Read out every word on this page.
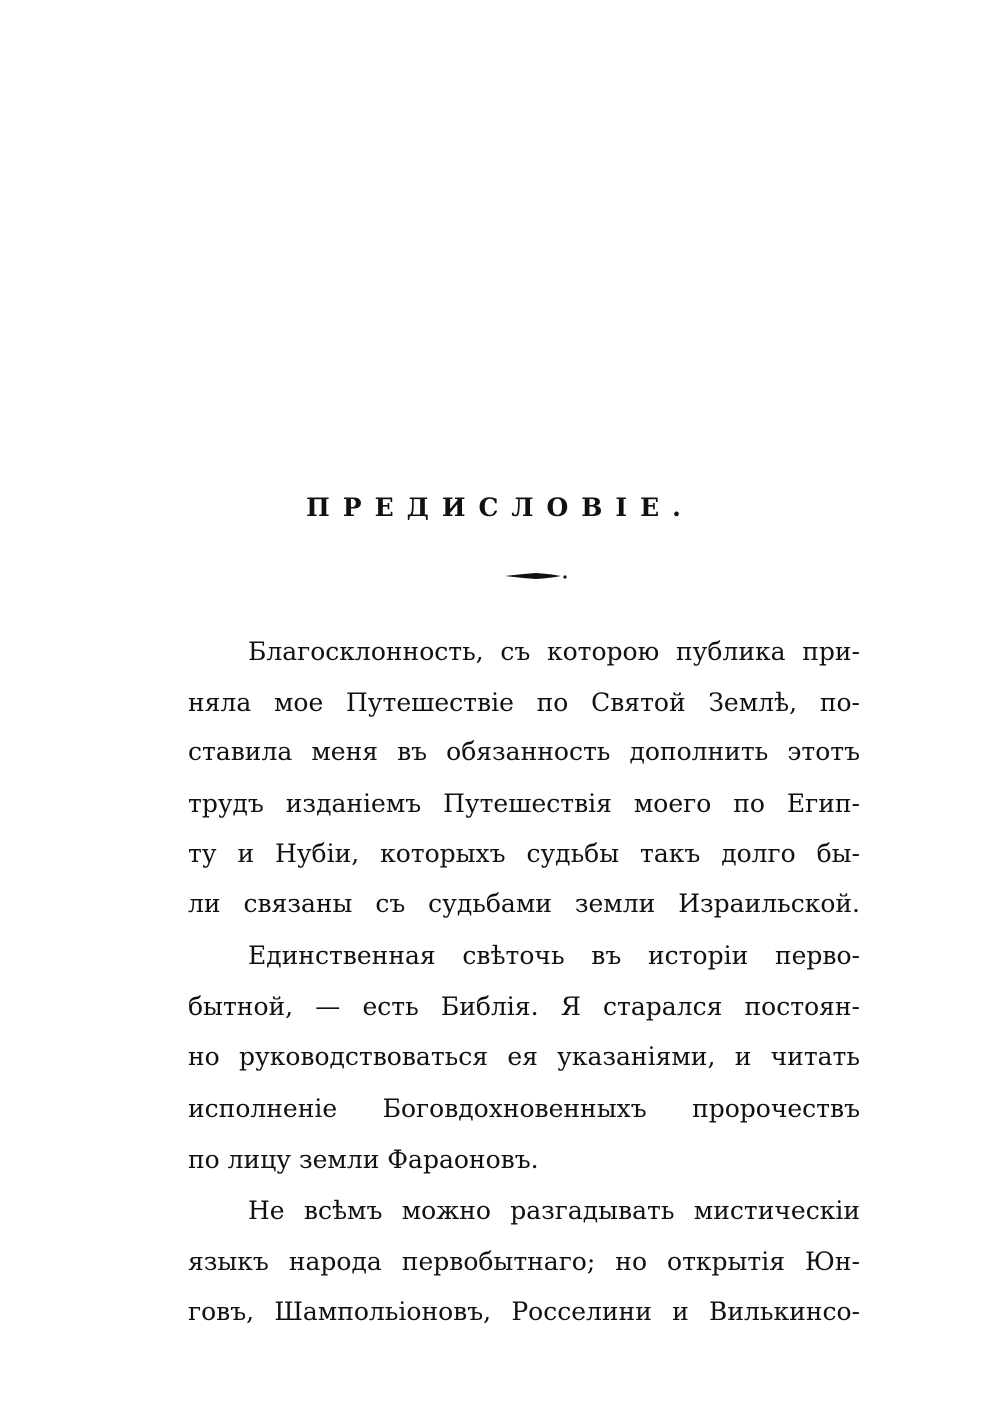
ПРЕДИСЛОВIЕ.
Благосклонность, съ которою публика при-
няла мое Путешествіе по Святой Землѣ, по-
ставила меня въ обязанность дополнить этотъ
трудъ изданіемъ Путешествія моего по Егип-
ту и Нубіи, которыхъ судьбы такъ долго бы-
ли связаны съ судьбами земли Израильской.
Единственная свѣточь въ исторіи перво-
бытной, — есть Библія. Я старался постоян-
но руководствоваться ея указаніями, и читать
исполненіе Боговдохновенныхъ пророчествъ
по лицу земли Фараоновъ.
Не всѣмъ можно разгадывать мистическіи
языкъ народа первобытнаго; но открытія Юн-
говъ, Шампольіоновъ, Росселини и Вилькинсо-
